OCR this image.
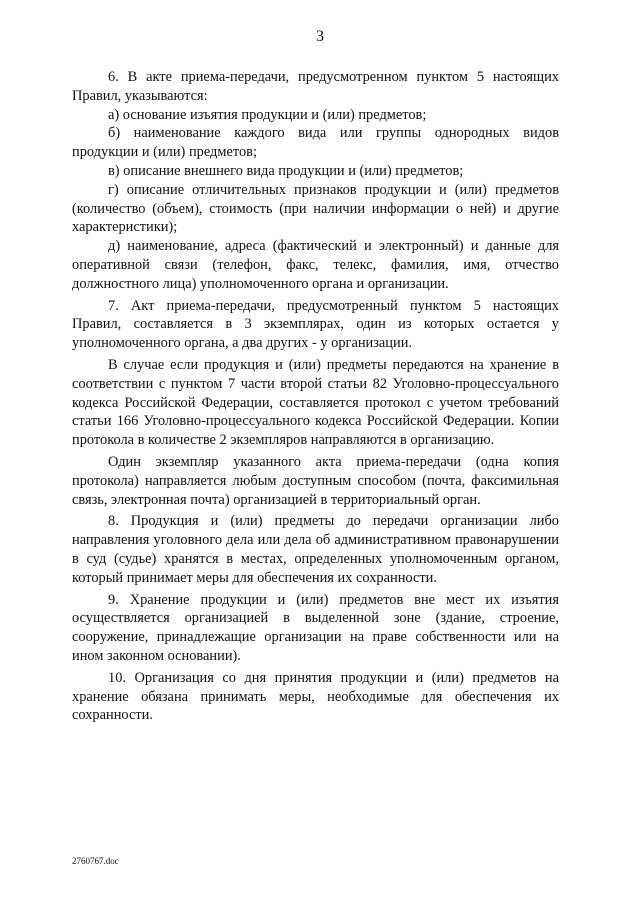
3

6. В акте приема-передачи, предусмотренном пунктом 5 настоящих Правил, указываются:

а) основание изъятия продукции и (или) предметов;

б) наименование каждого вида или группы однородных видов продукции и (или) предметов;

в) описание внешнего вида продукции и (или) предметов;

г) описание отличительных признаков продукции и (или) предметов (количество (объем), стоимость (при наличии информации о ней) и другие характеристики);

д) наименование, адреса (фактический и электронный) и данные для оперативной связи (телефон, факс, телекс, фамилия, имя, отчество должностного лица) уполномоченного органа и организации.

7. Акт приема-передачи, предусмотренный пунктом 5 настоящих Правил, составляется в 3 экземплярах, один из которых остается у уполномоченного органа, а два других - у организации.

В случае если продукция и (или) предметы передаются на хранение в соответствии с пунктом 7 части второй статьи 82 Уголовно-процессуального кодекса Российской Федерации, составляется протокол с учетом требований статьи 166 Уголовно-процессуального кодекса Российской Федерации. Копии протокола в количестве 2 экземпляров направляются в организацию.

Один экземпляр указанного акта приема-передачи (одна копия протокола) направляется любым доступным способом (почта, факсимильная связь, электронная почта) организацией в территориальный орган.

8. Продукция и (или) предметы до передачи организации либо направления уголовного дела или дела об административном правонарушении в суд (судье) хранятся в местах, определенных уполномоченным органом, который принимает меры для обеспечения их сохранности.

9. Хранение продукции и (или) предметов вне мест их изъятия осуществляется организацией в выделенной зоне (здание, строение, сооружение, принадлежащие организации на праве собственности или на ином законном основании).

10. Организация со дня принятия продукции и (или) предметов на хранение обязана принимать меры, необходимые для обеспечения их сохранности.

2760767.doc
